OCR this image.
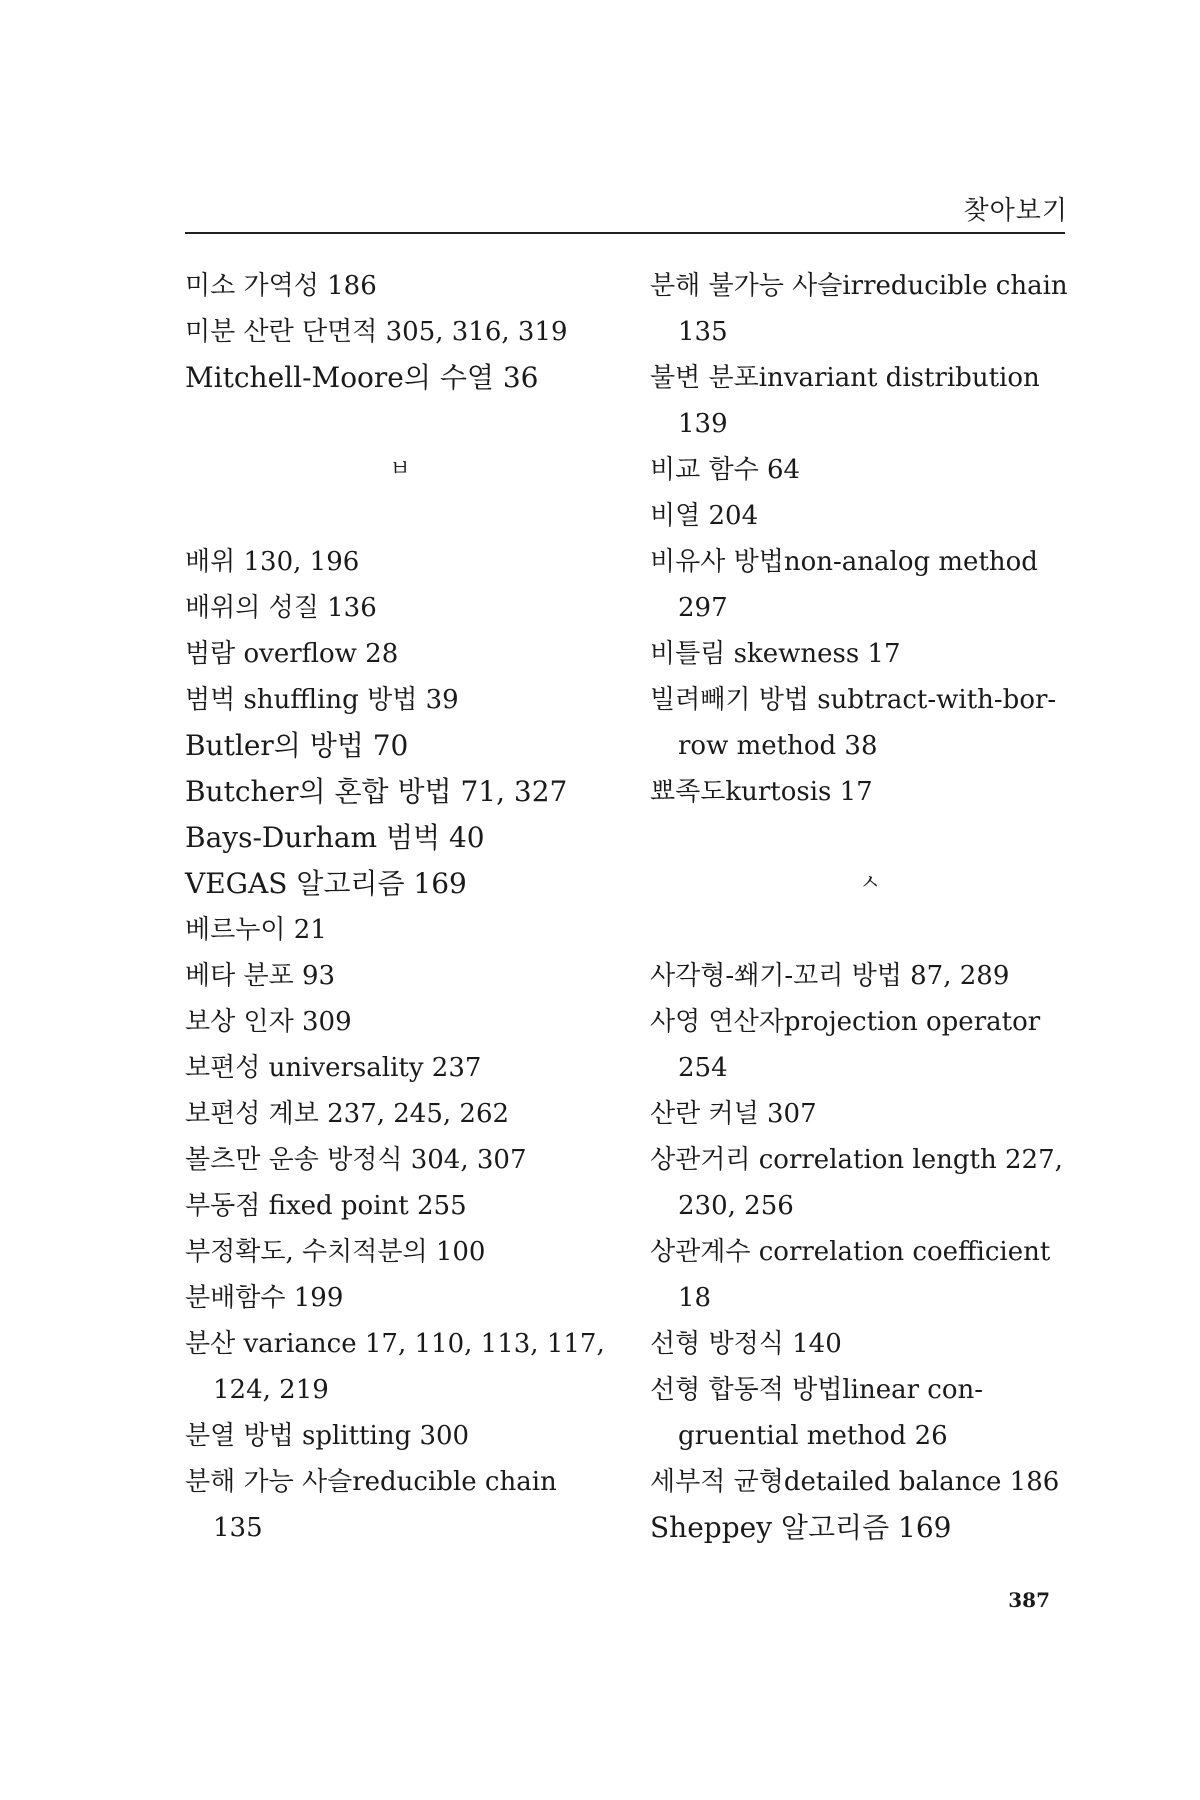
찾아보기
미소 가역성 186
미분 산란 단면적 305, 316, 319
Mitchell-Moore의 수열 36
ㅂ
배위 130, 196
배위의 성질 136
범람 overflow 28
범벅 shuffling 방법 39
Butler의 방법 70
Butcher의 혼합 방법 71, 327
Bays-Durham 범벅 40
VEGAS 알고리즘 169
베르누이 21
베타 분포 93
보상 인자 309
보편성 universality 237
보편성 계보 237, 245, 262
볼츠만 운송 방정식 304, 307
부동점 fixed point 255
부정확도, 수치적분의 100
분배함수 199
분산 variance 17, 110, 113, 117,
124, 219
분열 방법 splitting 300
분해 가능 사슬reducible chain
135
분해 불가능 사슬irreducible chain
135
불변 분포invariant distribution
139
비교 함수 64
비열 204
비유사 방법non-analog method
297
비틀림 skewness 17
빌려빼기 방법 subtract-with-bor-
row method 38
뾰족도kurtosis 17
ㅅ
사각형-쐐기-꼬리 방법 87, 289
사영 연산자projection operator
254
산란 커널 307
상관거리 correlation length 227,
230, 256
상관계수 correlation coefficient
18
선형 방정식 140
선형 합동적 방법linear con-
gruential method 26
세부적 균형detailed balance 186
Sheppey 알고리즘 169
387
